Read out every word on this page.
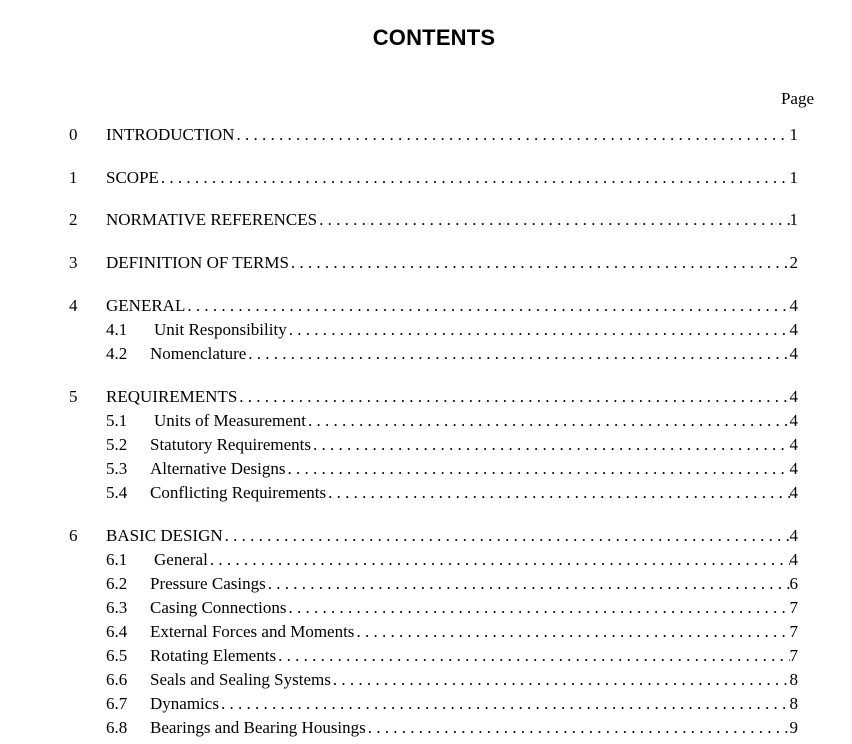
CONTENTS
Page
0	INTRODUCTION . . .	1
1	SCOPE . . .	1
2	NORMATIVE REFERENCES . . .	1
3	DEFINITION OF TERMS . . .	2
4	GENERAL . . .	4
4.1	Unit Responsibility . . .	4
4.2	Nomenclature . . .	4
5	REQUIREMENTS . . .	4
5.1	Units of Measurement . . .	4
5.2	Statutory Requirements . . .	4
5.3	Alternative Designs . . .	4
5.4	Conflicting Requirements . . .	4
6	BASIC DESIGN . . .	4
6.1	General . . .	4
6.2	Pressure Casings . . .	6
6.3	Casing Connections . . .	7
6.4	External Forces and Moments . . .	7
6.5	Rotating Elements . . .	7
6.6	Seals and Sealing Systems . . .	8
6.7	Dynamics . . .	8
6.8	Bearings and Bearing Housings . . .	9
